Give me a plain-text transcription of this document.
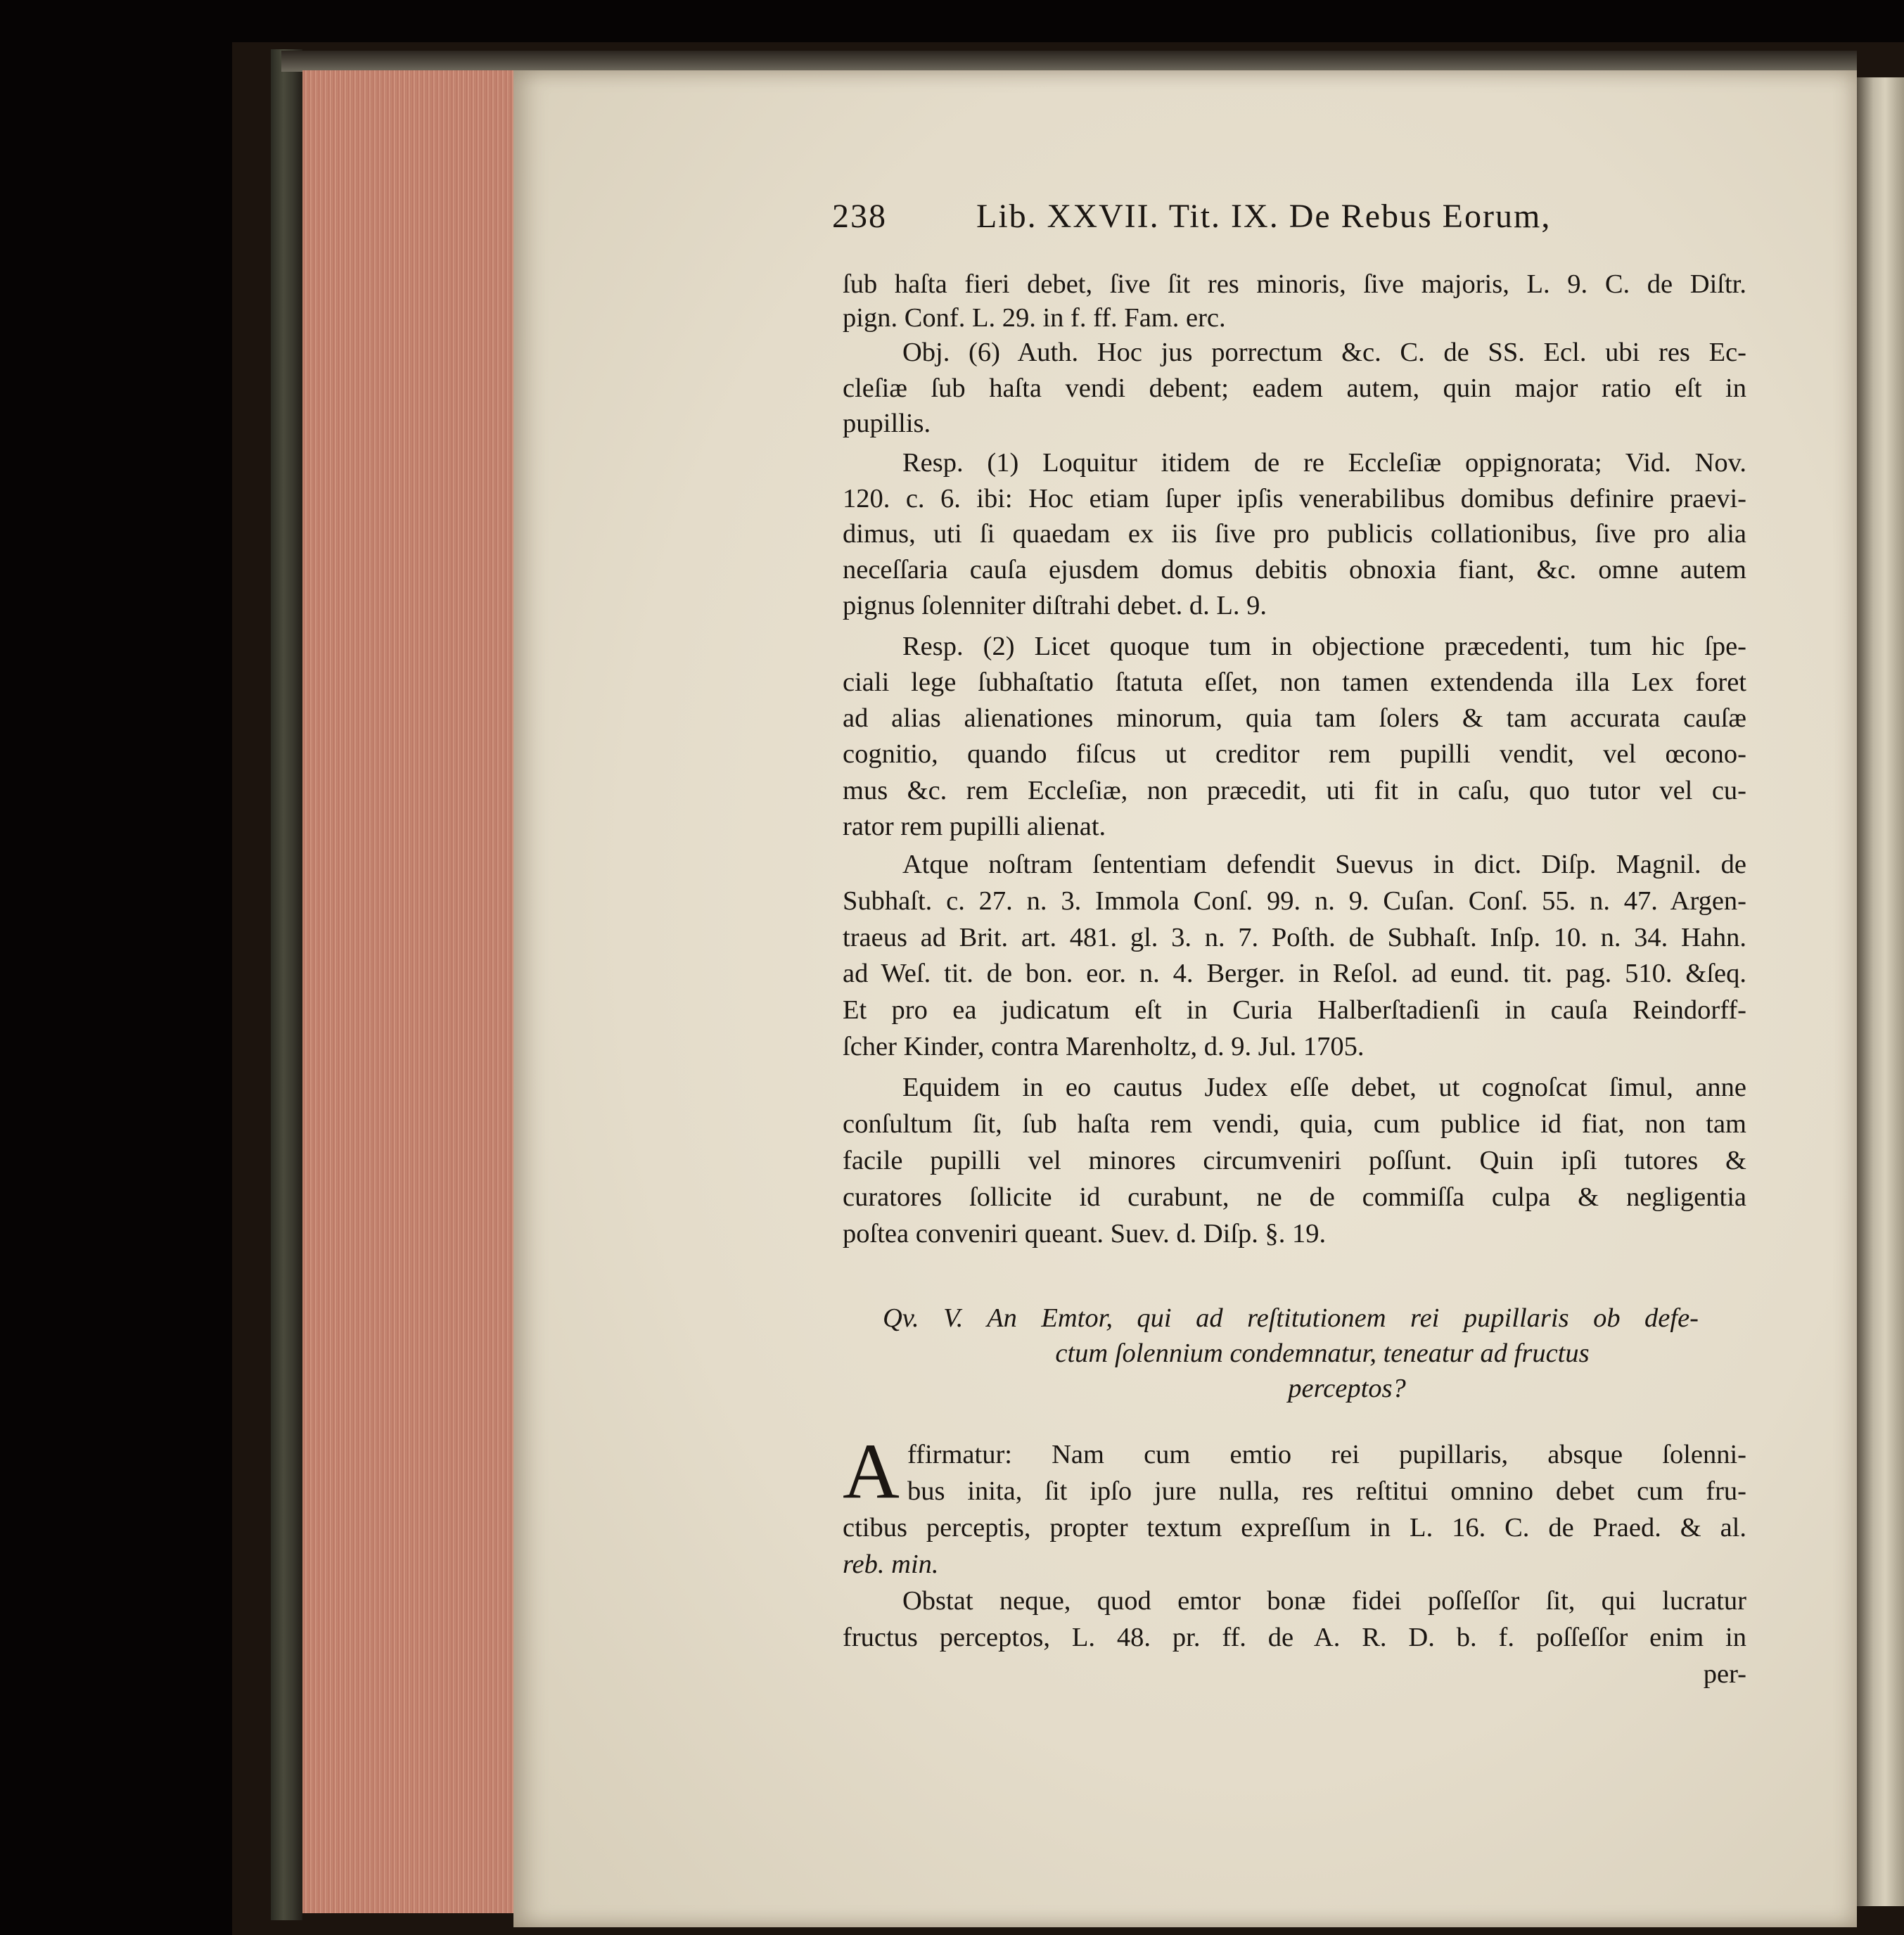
238	Lib. XXVII. Tit. IX. De Rebus Eorum,
ſub haſta fieri debet, ſive ſit res minoris, ſive majoris, L. 9. C. de Diſtr.
pign. Conf. L. 29. in f. ff. Fam. erc.
Obj. (6) Auth. Hoc jus porrectum &c. C. de SS. Ecl. ubi res Ec-
cleſiæ ſub haſta vendi debent; eadem autem, quin major ratio eſt in
pupillis.
Resp. (1) Loquitur itidem de re Eccleſiæ oppignorata; Vid. Nov.
120. c. 6. ibi: Hoc etiam ſuper ipſis venerabilibus domibus definire praevi-
dimus, uti ſi quaedam ex iis ſive pro publicis collationibus, ſive pro alia
neceſſaria cauſa ejusdem domus debitis obnoxia fiant, &c. omne autem
pignus ſolenniter diſtrahi debet. d. L. 9.
Resp. (2) Licet quoque tum in objectione præcedenti, tum hic ſpe-
ciali lege ſubhaſtatio ſtatuta eſſet, non tamen extendenda illa Lex foret
ad alias alienationes minorum, quia tam ſolers & tam accurata cauſæ
cognitio, quando fiſcus ut creditor rem pupilli vendit, vel œcono-
mus &c. rem Eccleſiæ, non præcedit, uti fit in caſu, quo tutor vel cu-
rator rem pupilli alienat.
Atque noſtram ſententiam defendit Suevus in dict. Diſp. Magnil. de
Subhaſt. c. 27. n. 3. Immola Conſ. 99. n. 9. Cuſan. Conſ. 55. n. 47. Argen-
traeus ad Brit. art. 481. gl. 3. n. 7. Poſth. de Subhaſt. Inſp. 10. n. 34. Hahn.
ad Weſ. tit. de bon. eor. n. 4. Berger. in Reſol. ad eund. tit. pag. 510. &ſeq.
Et pro ea judicatum eſt in Curia Halberſtadienſi in cauſa Reindorff-
ſcher Kinder, contra Marenholtz, d. 9. Jul. 1705.
Equidem in eo cautus Judex eſſe debet, ut cognoſcat ſimul, anne
conſultum ſit, ſub haſta rem vendi, quia, cum publice id fiat, non tam
facile pupilli vel minores circumveniri poſſunt. Quin ipſi tutores &
curatores ſollicite id curabunt, ne de commiſſa culpa & negligentia
poſtea conveniri queant. Suev. d. Diſp. §. 19.
Qv. V. An Emtor, qui ad reſtitutionem rei pupillaris ob defe-
ctum ſolennium condemnatur, teneatur ad fructus
perceptos?
A ffirmatur: Nam cum emtio rei pupillaris, absque ſolenni-
bus inita, ſit ipſo jure nulla, res reſtitui omnino debet cum fru-
ctibus perceptis, propter textum expreſſum in L. 16. C. de Praed. & al.
reb. min.
Obstat neque, quod emtor bonæ fidei poſſeſſor ſit, qui lucratur
fructus perceptos, L. 48. pr. ff. de A. R. D. b. f. poſſeſſor enim in
per-
